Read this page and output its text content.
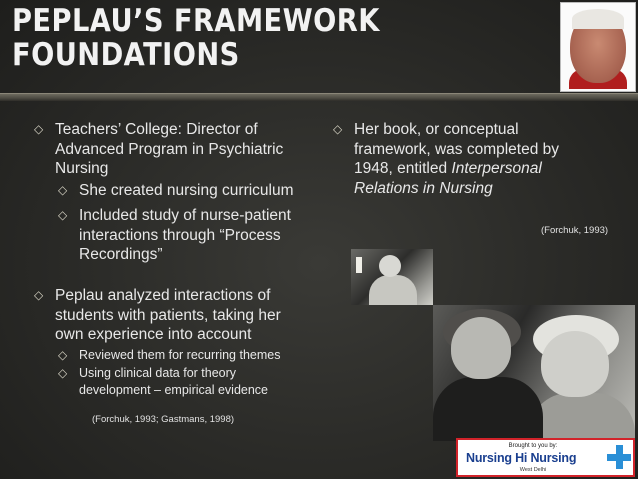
PEPLAU’S FRAMEWORK
FOUNDATIONS
◇ Teachers’ College: Director of
Advanced Program in Psychiatric
Nursing
◇ She created nursing curriculum
◇ Included study of nurse-patient
interactions through “Process
Recordings”
◇ Peplau analyzed interactions of
students with patients, taking her
own experience into account
◇ Reviewed them for recurring themes
◇ Using clinical data for theory
development – empirical evidence
(Forchuk, 1993; Gastmans, 1998)
◇ Her book, or conceptual
framework, was completed by
1948, entitled Interpersonal
Relations in Nursing
(Forchuk, 1993)
Brought to you by:
Nursing Hi Nursing
West Delhi
